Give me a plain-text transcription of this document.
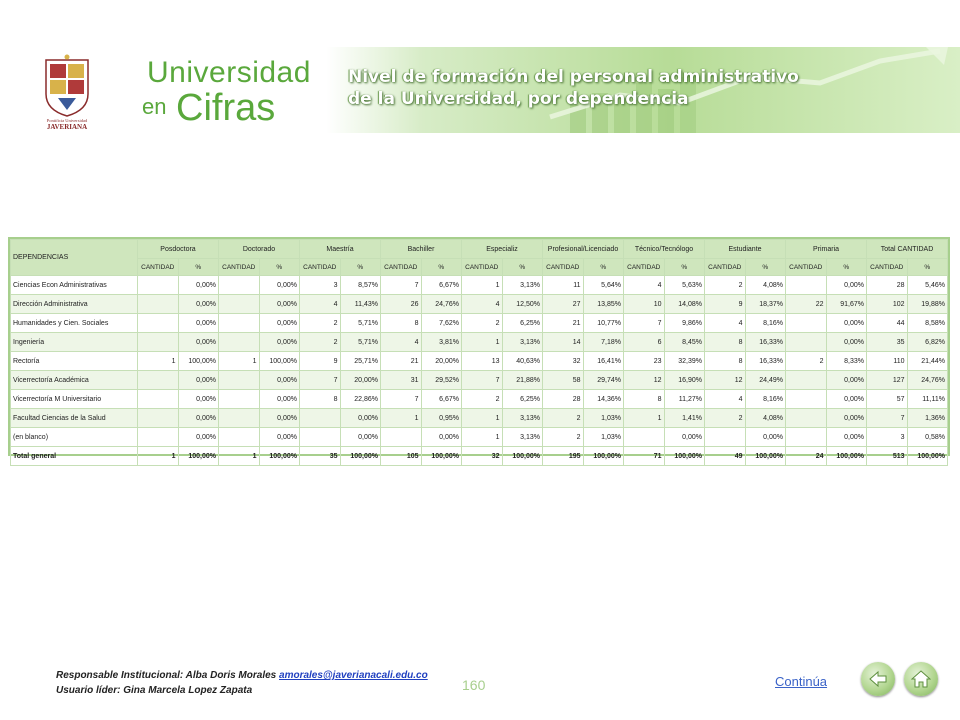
Pontificia Universidad
JAVERIANA
Universidad
en Cifras
Nivel de formación del personal administrativo
de la Universidad, por dependencia
DEPENDENCIAS	Posdoctora		Doctorado		Maestría		Bachiller		Especializ		Profesional/Licenciado		Técnico/Tecnólogo		Estudiante		Primaria		Total CANTIDAD	
	CANTIDAD	%	CANTIDAD	%	CANTIDAD	%	CANTIDAD	%	CANTIDAD	%	CANTIDAD	%	CANTIDAD	%	CANTIDAD	%	CANTIDAD	%	CANTIDAD	%
Ciencias Econ Administrativas		0,00%		0,00%	3	8,57%	7	6,67%	1	3,13%	11	5,64%	4	5,63%	2	4,08%		0,00%	28	5,46%
Dirección Administrativa		0,00%		0,00%	4	11,43%	26	24,76%	4	12,50%	27	13,85%	10	14,08%	9	18,37%	22	91,67%	102	19,88%
Humanidades y Cien. Sociales		0,00%		0,00%	2	5,71%	8	7,62%	2	6,25%	21	10,77%	7	9,86%	4	8,16%		0,00%	44	8,58%
Ingeniería		0,00%		0,00%	2	5,71%	4	3,81%	1	3,13%	14	7,18%	6	8,45%	8	16,33%		0,00%	35	6,82%
Rectoría	1	100,00%	1	100,00%	9	25,71%	21	20,00%	13	40,63%	32	16,41%	23	32,39%	8	16,33%	2	8,33%	110	21,44%
Vicerrectoría Académica		0,00%		0,00%	7	20,00%	31	29,52%	7	21,88%	58	29,74%	12	16,90%	12	24,49%		0,00%	127	24,76%
Vicerrectoría M Universitario		0,00%		0,00%	8	22,86%	7	6,67%	2	6,25%	28	14,36%	8	11,27%	4	8,16%		0,00%	57	11,11%
Facultad Ciencias de la Salud		0,00%		0,00%		0,00%	1	0,95%	1	3,13%	2	1,03%	1	1,41%	2	4,08%		0,00%	7	1,36%
(en blanco)		0,00%		0,00%		0,00%		0,00%	1	3,13%	2	1,03%		0,00%		0,00%		0,00%	3	0,58%
Total general	1	100,00%	1	100,00%	35	100,00%	105	100,00%	32	100,00%	195	100,00%	71	100,00%	49	100,00%	24	100,00%	513	100,00%
Responsable Institucional: Alba Doris Morales amorales@javerianacali.edu.co
Usuario líder: Gina Marcela Lopez Zapata	160	Continúa
